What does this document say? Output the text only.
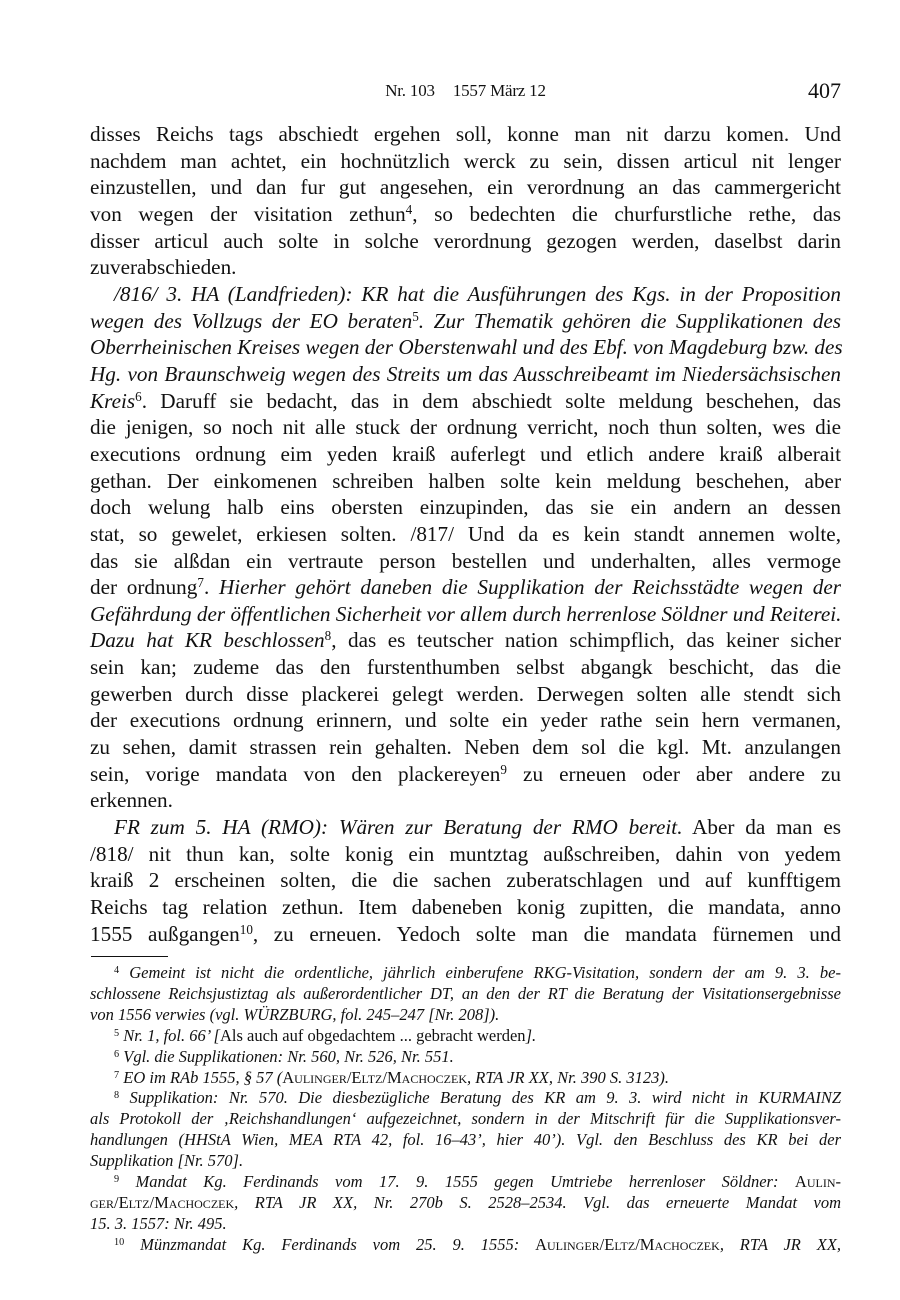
Nr. 103 1557 März 12	407

disses Reichs tags abschiedt ergehen soll, konne man nit darzu komen. Und
nachdem man achtet, ein hochnützlich werck zu sein, dissen articul nit lenger
einzustellen, und dan fur gut angesehen, ein verordnung an das cammergericht
von wegen der visitation zethun$^4$, so bedechten die churfurstliche rethe, das
disser articul auch solte in solche verordnung gezogen werden, daselbst darin
zuverabschieden.

/816/ 3. HA (Landfrieden): KR hat die Ausführungen des Kgs. in der Proposition
wegen des Vollzugs der EO beraten$^5$. Zur Thematik gehören die Supplikationen des
Oberrheinischen Kreises wegen der Oberstenwahl und des Ebf. von Magdeburg bzw. des
Hg. von Braunschweig wegen des Streits um das Ausschreibeamt im Niedersächsischen
Kreis$^6$. Daruff sie bedacht, das in dem abschiedt solte meldung beschehen, das
die jenigen, so noch nit alle stuck der ordnung verricht, noch thun solten, wes die
executions ordnung eim yeden kraiß auferlegt und etlich andere kraiß alberait
gethan. Der einkomenen schreiben halben solte kein meldung beschehen, aber
doch welung halb eins obersten einzupinden, das sie ein andern an dessen
stat, so gewelet, erkiesen solten. /817/ Und da es kein standt annemen wolte,
das sie alßdan ein vertraute person bestellen und underhalten, alles vermoge
der ordnung$^7$. Hierher gehört daneben die Supplikation der Reichsstädte wegen der
Gefährdung der öffentlichen Sicherheit vor allem durch herrenlose Söldner und Reiterei.
Dazu hat KR beschlossen$^8$, das es teutscher nation schimpflich, das keiner sicher
sein kan; zudeme das den furstenthumben selbst abgangk beschicht, das die
gewerben durch disse plackerei gelegt werden. Derwegen solten alle stendt sich
der executions ordnung erinnern, und solte ein yeder rathe sein hern vermanen,
zu sehen, damit strassen rein gehalten. Neben dem sol die kgl. Mt. anzulangen
sein, vorige mandata von den plackereyen$^9$ zu erneuen oder aber andere zu
erkennen.

FR zum 5. HA (RMO): Wären zur Beratung der RMO bereit. Aber da man es
/818/ nit thun kan, solte konig ein muntztag außschreiben, dahin von yedem
kraiß 2 erscheinen solten, die die sachen zuberatschlagen und auf kunfftigem
Reichs tag relation zethun. Item dabeneben konig zupitten, die mandata, anno
1555 außgangen$^{10}$, zu erneuen. Yedoch solte man die mandata fürnemen und

$^4$ Gemeint ist nicht die ordentliche, jährlich einberufene RKG-Visitation, sondern der am 9. 3. be-
schlossene Reichsjustiztag als außerordentlicher DT, an den der RT die Beratung der Visitationsergebnisse
von 1556 verwies (vgl. WÜRZBURG, fol. 245–247 [Nr. 208]).
$^5$ Nr. 1, fol. 66’ [Als auch auf obgedachtem ... gebracht werden].
$^6$ Vgl. die Supplikationen: Nr. 560, Nr. 526, Nr. 551.
$^7$ EO im RAb 1555, § 57 (Aulinger/Eltz/Machoczek, RTA JR XX, Nr. 390 S. 3123).
$^8$ Supplikation: Nr. 570. Die diesbezügliche Beratung des KR am 9. 3. wird nicht in KURMAINZ
als Protokoll der ‚Reichshandlungen‘ aufgezeichnet, sondern in der Mitschrift für die Supplikationsver-
handlungen (HHStA Wien, MEA RTA 42, fol. 16–43’, hier 40’). Vgl. den Beschluss des KR bei der
Supplikation [Nr. 570].
$^9$ Mandat Kg. Ferdinands vom 17. 9. 1555 gegen Umtriebe herrenloser Söldner: Aulin-
ger/Eltz/Machoczek, RTA JR XX, Nr. 270b S. 2528–2534. Vgl. das erneuerte Mandat vom
15. 3. 1557: Nr. 495.
$^{10}$ Münzmandat Kg. Ferdinands vom 25. 9. 1555: Aulinger/Eltz/Machoczek, RTA JR XX,
